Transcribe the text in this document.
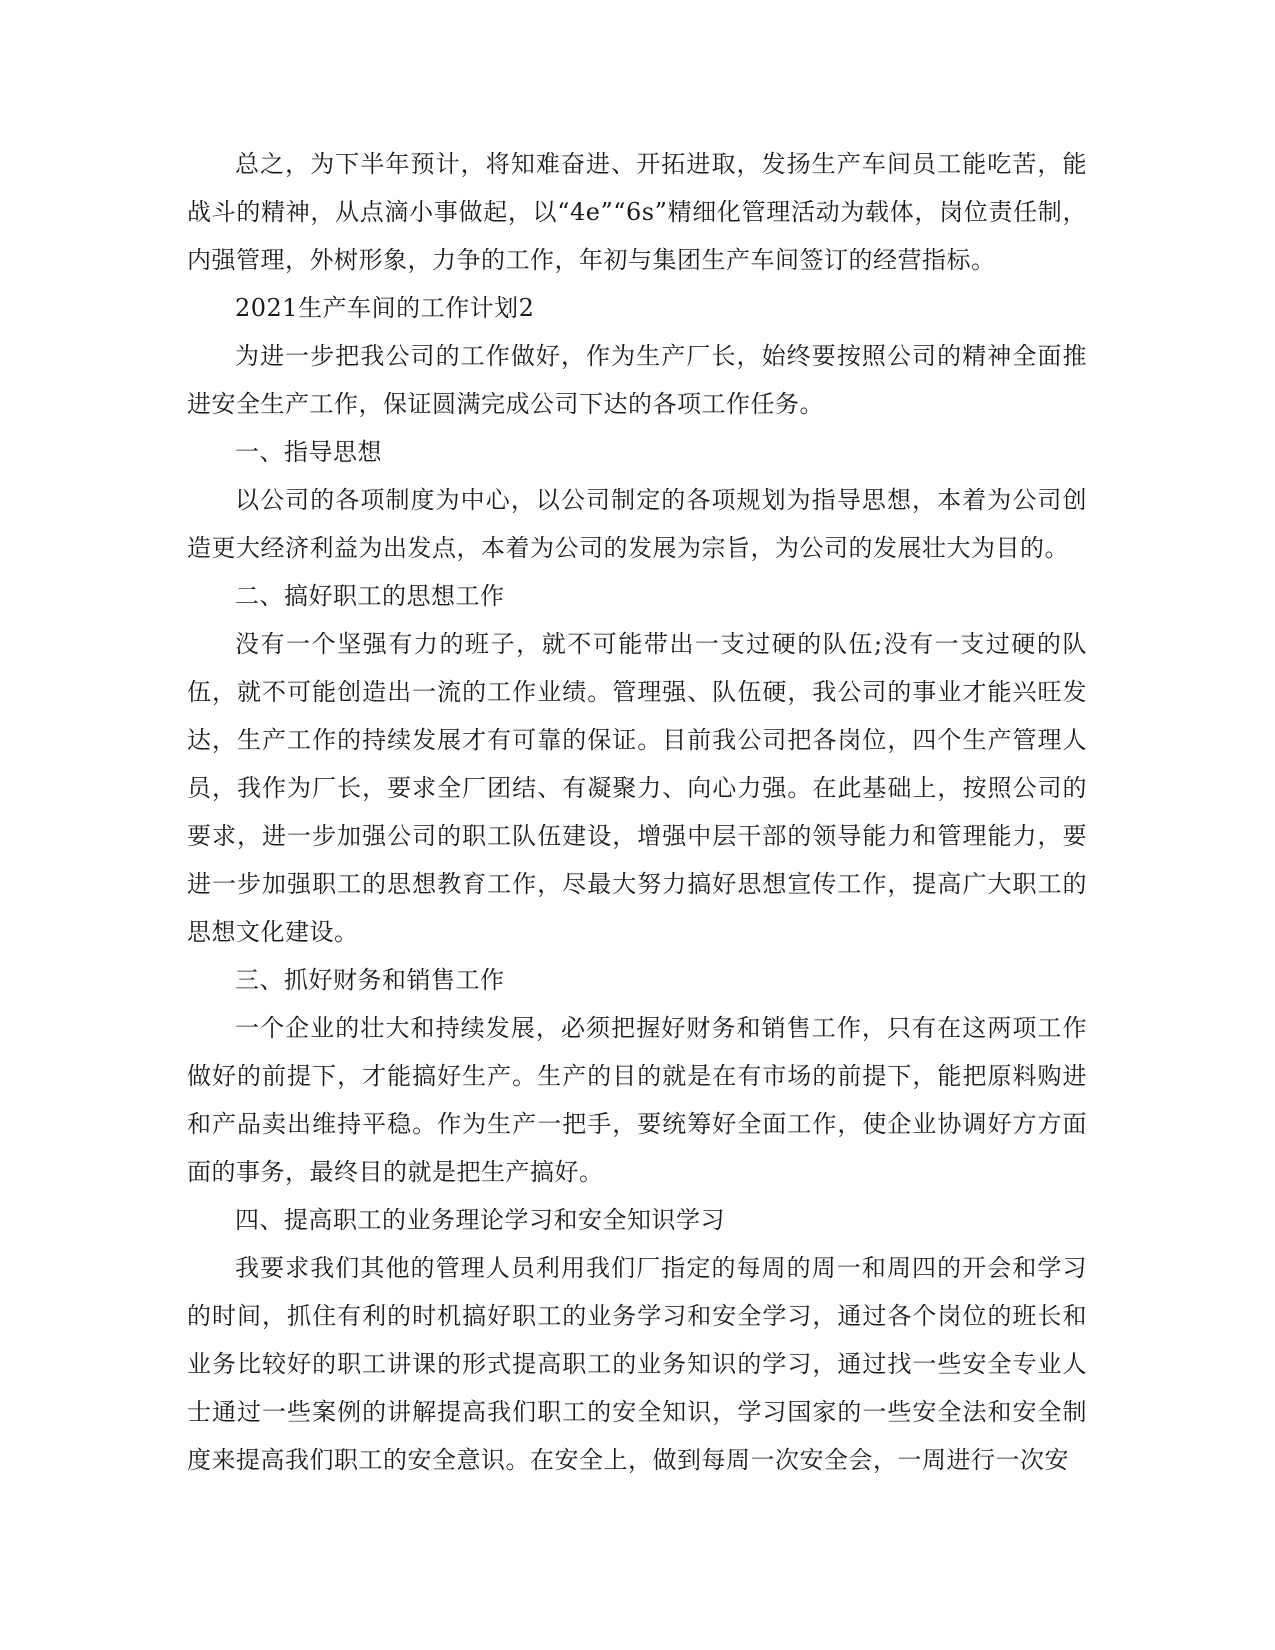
总之，为下半年预计，将知难奋进、开拓进取，发扬生产车间员工能吃苦，能战斗的精神，从点滴小事做起，以“4e”“6s”精细化管理活动为载体，岗位责任制，内强管理，外树形象，力争的工作，年初与集团生产车间签订的经营指标。

2021生产车间的工作计划2

为进一步把我公司的工作做好，作为生产厂长，始终要按照公司的精神全面推进安全生产工作，保证圆满完成公司下达的各项工作任务。

一、指导思想

以公司的各项制度为中心，以公司制定的各项规划为指导思想，本着为公司创造更大经济利益为出发点，本着为公司的发展为宗旨，为公司的发展壮大为目的。

二、搞好职工的思想工作

没有一个坚强有力的班子，就不可能带出一支过硬的队伍;没有一支过硬的队伍，就不可能创造出一流的工作业绩。管理强、队伍硬，我公司的事业才能兴旺发达，生产工作的持续发展才有可靠的保证。目前我公司把各岗位，四个生产管理人员，我作为厂长，要求全厂团结、有凝聚力、向心力强。在此基础上，按照公司的要求，进一步加强公司的职工队伍建设，增强中层干部的领导能力和管理能力，要进一步加强职工的思想教育工作，尽最大努力搞好思想宣传工作，提高广大职工的思想文化建设。

三、抓好财务和销售工作

一个企业的壮大和持续发展，必须把握好财务和销售工作，只有在这两项工作做好的前提下，才能搞好生产。生产的目的就是在有市场的前提下，能把原料购进和产品卖出维持平稳。作为生产一把手，要统筹好全面工作，使企业协调好方方面面的事务，最终目的就是把生产搞好。

四、提高职工的业务理论学习和安全知识学习

我要求我们其他的管理人员利用我们厂指定的每周的周一和周四的开会和学习的时间，抓住有利的时机搞好职工的业务学习和安全学习，通过各个岗位的班长和业务比较好的职工讲课的形式提高职工的业务知识的学习，通过找一些安全专业人士通过一些案例的讲解提高我们职工的安全知识，学习国家的一些安全法和安全制度来提高我们职工的安全意识。在安全上，做到每周一次安全会，一周进行一次安
